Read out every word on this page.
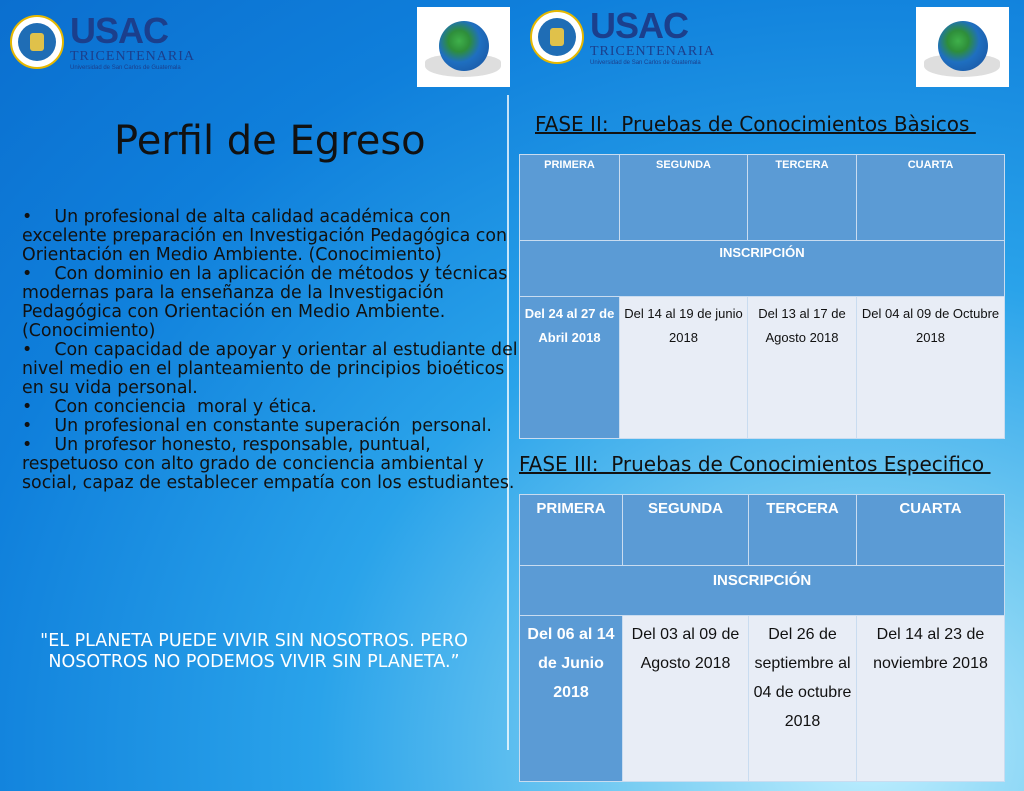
USAC
TRICENTENARIA
Universidad de San Carlos de Guatemala
USAC
TRICENTENARIA
Universidad de San Carlos de Guatemala
Perfil de Egreso
•    Un profesional de alta calidad académica con excelente preparación en Investigación Pedagógica con Orientación en Medio Ambiente. (Conocimiento)
•    Con dominio en la aplicación de métodos y técnicas modernas para la enseñanza de la Investigación Pedagógica con Orientación en Medio Ambiente. (Conocimiento)
•    Con capacidad de apoyar y orientar al estudiante del nivel medio en el planteamiento de principios bioéticos en su vida personal.
•    Con conciencia  moral y ética.
•    Un profesional en constante superación  personal.
•    Un profesor honesto, responsable, puntual, respetuoso con alto grado de conciencia ambiental y social, capaz de establecer empatía con los estudiantes.
"EL PLANETA PUEDE VIVIR SIN NOSOTROS. PERO NOSOTROS NO PODEMOS VIVIR SIN PLANETA.”
FASE II:  Pruebas de Conocimientos Bàsicos
PRIMERA	SEGUNDA	TERCERA	CUARTA
INSCRIPCIÓN			
Del 24 al 27 de Abril 2018	Del 14 al 19 de junio 2018	Del 13 al 17 de Agosto 2018	Del 04 al 09 de Octubre 2018
FASE III:  Pruebas de Conocimientos Especifico
PRIMERA	SEGUNDA	TERCERA	CUARTA
INSCRIPCIÓN			
Del 06 al 14 de Junio 2018	Del 03 al 09 de Agosto 2018	Del 26 de septiembre al 04 de octubre 2018	Del 14 al 23 de noviembre 2018
